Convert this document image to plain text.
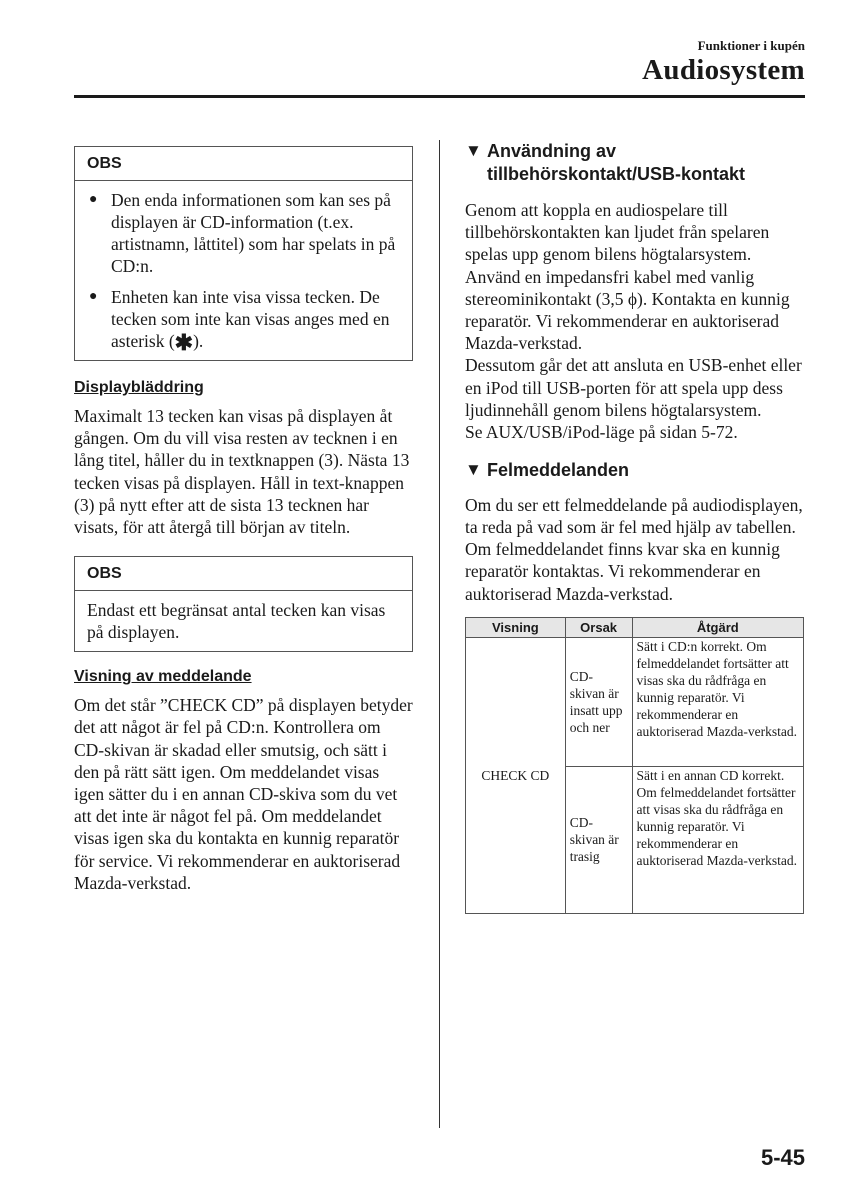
Funktioner i kupén
Audiosystem
OBS
● Den enda informationen som kan ses på displayen är CD-information (t.ex. artistnamn, låttitel) som har spelats in på CD:n.
● Enheten kan inte visa vissa tecken. De tecken som inte kan visas anges med en asterisk (✱).
Displaybläddring

Maximalt 13 tecken kan visas på displayen åt gången. Om du vill visa resten av tecknen i en lång titel, håller du in textknappen (3). Nästa 13 tecken visas på displayen. Håll in text-knappen (3) på nytt efter att de sista 13 tecknen har visats, för att återgå till början av titeln.

OBS
Endast ett begränsat antal tecken kan visas på displayen.
Visning av meddelande

Om det står ”CHECK CD” på displayen betyder det att något är fel på CD:n. Kontrollera om CD-skivan är skadad eller smutsig, och sätt i den på rätt sätt igen. Om meddelandet visas igen sätter du i en annan CD-skiva som du vet att det inte är något fel på. Om meddelandet visas igen ska du kontakta en kunnig reparatör för service. Vi rekommenderar en auktoriserad Mazda-verkstad.

▼ Användning av
tillbehörskontakt/USB-kontakt

Genom att koppla en audiospelare till tillbehörskontakten kan ljudet från spelaren spelas upp genom bilens högtalarsystem.

Använd en impedansfri kabel med vanlig stereominikontakt (3,5 ϕ). Kontakta en kunnig reparatör. Vi rekommenderar en auktoriserad Mazda-verkstad.

Dessutom går det att ansluta en USB-enhet eller en iPod till USB-porten för att spela upp dess ljudinnehåll genom bilens högtalarsystem.

Se AUX/USB/iPod-läge på sidan 5-72.

▼ Felmeddelanden

Om du ser ett felmeddelande på audiodisplayen, ta reda på vad som är fel med hjälp av tabellen. Om felmeddelandet finns kvar ska en kunnig reparatör kontaktas. Vi rekommenderar en auktoriserad Mazda-verkstad.

Visning	Orsak	Åtgärd
CHECK CD	CD-skivan är insatt upp och ner	Sätt i CD:n korrekt. Om felmeddelandet fortsätter att visas ska du rådfråga en kunnig reparatör. Vi rekommenderar en auktoriserad Mazda-verkstad.
	CD-skivan är trasig	Sätt i en annan CD korrekt. Om felmeddelandet fortsätter att visas ska du rådfråga en kunnig reparatör. Vi rekommenderar en auktoriserad Mazda-verkstad.
5-45
